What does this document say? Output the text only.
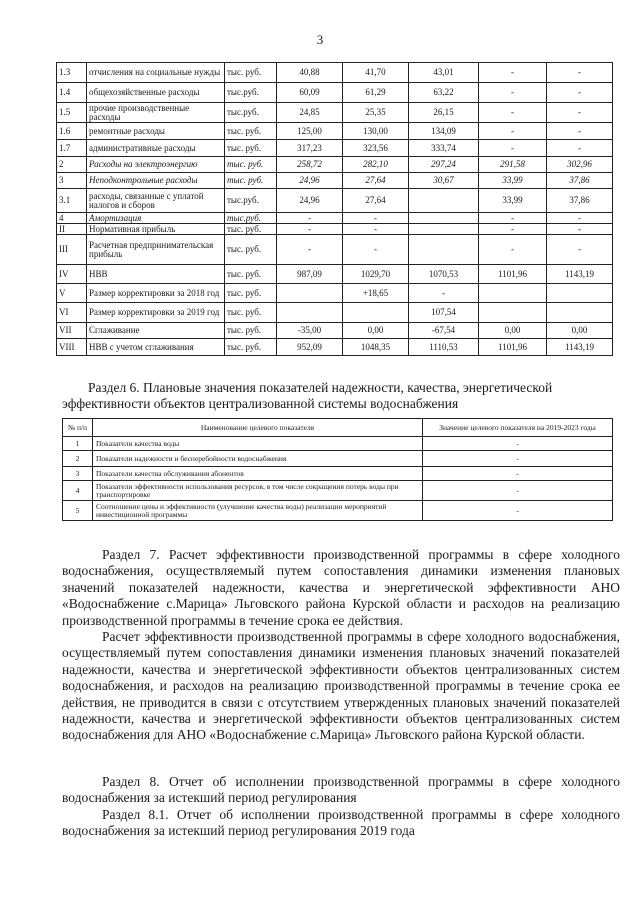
3
1.3	отчисления на социальные нужды	тыс. руб.	40,88	41,70	43,01	-	-
1.4	общехозяйственные расходы	тыс.руб.	60,09	61,29	63,22	-	-
1.5	прочие производственные расходы	тыс.руб.	24,85	25,35	26,15	-	-
1.6	ремонтные расходы	тыс. руб.	125,00	130,00	134,09	-	-
1.7	административные расходы	тыс. руб.	317,23	323,56	333,74	-	-
2	Расходы на электроэнергию	тыс. руб.	258,72	282,10	297,24	291,58	302,96
3	Неподконтрольные расходы	тыс. руб.	24,96	27,64	30,67	33,99	37,86
3.1	расходы, связанные с уплатой налогов и сборов	тыс.руб.	24,96	27,64		33,99	37,86
4	Амортизация	тыс.руб.	-	-		-	-
II	Нормативная прибыль	тыс. руб.	-	-		-	-
III	Расчетная предпринимательская прибыль	тыс. руб.	-	-		-	-
IV	НВВ	тыс. руб.	987,09	1029,70	1070,53	1101,96	1143,19
V	Размер корректировки за 2018 год	тыс. руб.		+18,65	-		
VI	Размер корректировки за 2019 год	тыс. руб.			107,54		
VII	Сглаживание	тыс. руб.	-35,00	0,00	-67,54	0,00	0,00
VIII	НВВ с учетом сглаживания	тыс. руб.	952,09	1048,35	1110,53	1101,96	1143,19
Раздел 6. Плановые значения показателей надежности, качества, энергетической
эффективности объектов централизованной системы водоснабжения
№ п/п	Наименование целевого показателя	Значение целевого показателя на 2019-2023 годы
1	Показатели качества воды	-
2	Показатели надежности и бесперебойности водоснабжения	-
3	Показатели качества обслуживания абонентов	-
4	Показатели эффективности использования ресурсов, в том числе сокращения потерь воды при транспортировке	-
5	Соотношение цены и эффективности (улучшение качества воды) реализации мероприятий инвестиционной программы	-

Раздел 7. Расчет эффективности производственной программы в сфере холодного водоснабжения, осуществляемый путем сопоставления динамики изменения плановых значений показателей надежности, качества и энергетической эффективности АНО «Водоснабжение с.Марица» Льговского района Курской области и расходов на реализацию производственной программы в течение срока ее действия.

Расчет эффективности производственной программы в сфере холодного водоснабжения, осуществляемый путем сопоставления динамики изменения плановых значений показателей надежности, качества и энергетической эффективности объектов централизованных систем водоснабжения, и расходов на реализацию производственной программы в течение срока ее действия, не приводится в связи с отсутствием утвержденных плановых значений показателей надежности, качества и энергетической эффективности объектов централизованных систем водоснабжения для АНО «Водоснабжение с.Марица» Льговского района Курской области.

Раздел 8. Отчет об исполнении производственной программы в сфере холодного водоснабжения за истекший период регулирования

Раздел 8.1. Отчет об исполнении производственной программы в сфере холодного водоснабжения за истекший период регулирования 2019 года
